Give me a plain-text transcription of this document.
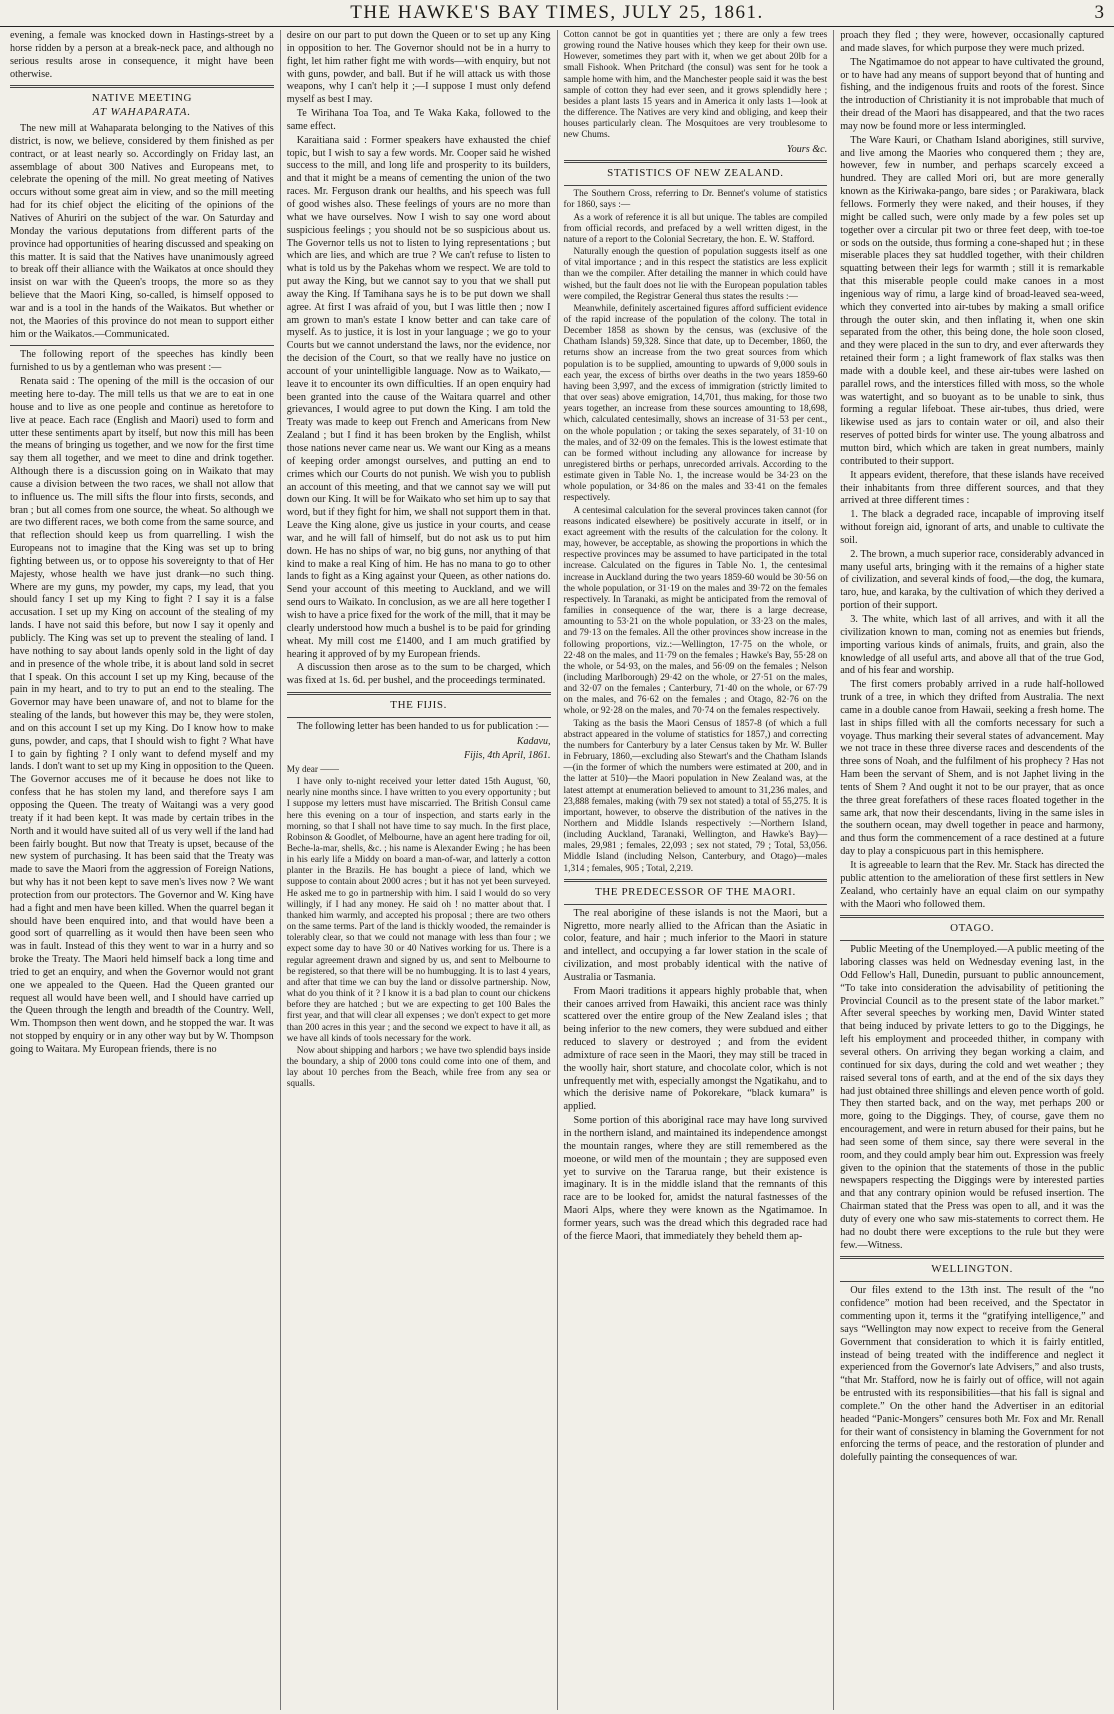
THE HAWKE'S BAY TIMES, JULY 25, 1861.	3

evening, a female was knocked down in Hastings-street by a horse ridden by a person at a break-neck pace, and although no serious results arose in consequence, it might have been otherwise.

NATIVE MEETING
AT WAHAPARATA.

The new mill at Wahaparata belonging to the Natives of this district, is now, we believe, considered by them finished as per contract, or at least nearly so. Accordingly on Friday last, an assemblage of about 300 Natives and Europeans met, to celebrate the opening of the mill. No great meeting of Natives occurs without some great aim in view, and so the mill meeting had for its chief object the eliciting of the opinions of the Natives of Ahuriri on the subject of the war. On Saturday and Monday the various deputations from different parts of the province had opportunities of hearing discussed and speaking on this matter. It is said that the Natives have unanimously agreed to break off their alliance with the Waikatos at once should they insist on war with the Queen's troops, the more so as they believe that the Maori King, so-called, is himself opposed to war and is a tool in the hands of the Waikatos. But whether or not, the Maories of this province do not mean to support either him or the Waikatos.—Communicated.

The following report of the speeches has kindly been furnished to us by a gentleman who was present :—

Renata said : The opening of the mill is the occasion of our meeting here to-day. The mill tells us that we are to eat in one house and to live as one people and continue as heretofore to live at peace. Each race (English and Maori) used to form and utter these sentiments apart by itself, but now this mill has been the means of bringing us together, and we now for the first time say them all together, and we meet to dine and drink together. Although there is a discussion going on in Waikato that may cause a division between the two races, we shall not allow that to influence us. The mill sifts the flour into firsts, seconds, and bran ; but all comes from one source, the wheat. So although we are two different races, we both come from the same source, and that reflection should keep us from quarrelling. I wish the Europeans not to imagine that the King was set up to bring fighting between us, or to oppose his sovereignty to that of Her Majesty, whose health we have just drank—no such thing. Where are my guns, my powder, my caps, my lead, that you should fancy I set up my King to fight ? I say it is a false accusation. I set up my King on account of the stealing of my lands. I have not said this before, but now I say it openly and publicly. The King was set up to prevent the stealing of land. I have nothing to say about lands openly sold in the light of day and in presence of the whole tribe, it is about land sold in secret that I speak. On this account I set up my King, because of the pain in my heart, and to try to put an end to the stealing. The Governor may have been unaware of, and not to blame for the stealing of the lands, but however this may be, they were stolen, and on this account I set up my King. Do I know how to make guns, powder, and caps, that I should wish to fight ? What have I to gain by fighting ? I only want to defend myself and my lands. I don't want to set up my King in opposition to the Queen. The Governor accuses me of it because he does not like to confess that he has stolen my land, and therefore says I am opposing the Queen. The treaty of Waitangi was a very good treaty if it had been kept. It was made by certain tribes in the North and it would have suited all of us very well if the land had been fairly bought. But now that Treaty is upset, because of the new system of purchasing. It has been said that the Treaty was made to save the Maori from the aggression of Foreign Nations, but why has it not been kept to save men's lives now ? We want protection from our protectors. The Governor and W. King have had a fight and men have been killed. When the quarrel began it should have been enquired into, and that would have been a good sort of quarrelling as it would then have been seen who was in fault. Instead of this they went to war in a hurry and so broke the Treaty. The Maori held himself back a long time and tried to get an enquiry, and when the Governor would not grant one we appealed to the Queen. Had the Queen granted our request all would have been well, and I should have carried up the Queen through the length and breadth of the Country. Well, Wm. Thompson then went down, and he stopped the war. It was not stopped by enquiry or in any other way but by W. Thompson going to Waitara. My European friends, there is no

desire on our part to put down the Queen or to set up any King in opposition to her. The Governor should not be in a hurry to fight, let him rather fight me with words—with enquiry, but not with guns, powder, and ball. But if he will attack us with those weapons, why I can't help it ;—I suppose I must only defend myself as best I may.

Te Wirihana Toa Toa, and Te Waka Kaka, followed to the same effect.

Karaitiana said : Former speakers have exhausted the chief topic, but I wish to say a few words. Mr. Cooper said he wished success to the mill, and long life and prosperity to its builders, and that it might be a means of cementing the union of the two races. Mr. Ferguson drank our healths, and his speech was full of good wishes also. These feelings of yours are no more than what we have ourselves. Now I wish to say one word about suspicious feelings ; you should not be so suspicious about us. The Governor tells us not to listen to lying representations ; but which are lies, and which are true ? We can't refuse to listen to what is told us by the Pakehas whom we respect. We are told to put away the King, but we cannot say to you that we shall put away the King. If Tamihana says he is to be put down we shall agree. At first I was afraid of you, but I was little then ; now I am grown to man's estate I know better and can take care of myself. As to justice, it is lost in your language ; we go to your Courts but we cannot understand the laws, nor the evidence, nor the decision of the Court, so that we really have no justice on account of your unintelligible language. Now as to Waikato,—leave it to encounter its own difficulties. If an open enquiry had been granted into the cause of the Waitara quarrel and other grievances, I would agree to put down the King. I am told the Treaty was made to keep out French and Americans from New Zealand ; but I find it has been broken by the English, whilst those nations never came near us. We want our King as a means of keeping order amongst ourselves, and putting an end to crimes which our Courts do not punish. We wish you to publish an account of this meeting, and that we cannot say we will put down our King. It will be for Waikato who set him up to say that word, but if they fight for him, we shall not support them in that. Leave the King alone, give us justice in your courts, and cease war, and he will fall of himself, but do not ask us to put him down. He has no ships of war, no big guns, nor anything of that kind to make a real King of him. He has no mana to go to other lands to fight as a King against your Queen, as other nations do. Send your account of this meeting to Auckland, and we will send ours to Waikato. In conclusion, as we are all here together I wish to have a price fixed for the work of the mill, that it may be clearly understood how much a bushel is to be paid for grinding wheat. My mill cost me £1400, and I am much gratified by hearing it approved of by my European friends.

A discussion then arose as to the sum to be charged, which was fixed at 1s. 6d. per bushel, and the proceedings terminated.

THE FIJIS.

The following letter has been handed to us for publication :—

Kadavu,
Fijis, 4th April, 1861.

My dear ——

I have only to-night received your letter dated 15th August, '60, nearly nine months since. I have written to you every opportunity ; but I suppose my letters must have miscarried. The British Consul came here this evening on a tour of inspection, and starts early in the morning, so that I shall not have time to say much. In the first place, Robinson & Goodlet, of Melbourne, have an agent here trading for oil, Beche-la-mar, shells, &c. ; his name is Alexander Ewing ; he has been in his early life a Middy on board a man-of-war, and latterly a cotton planter in the Brazils. He has bought a piece of land, which we suppose to contain about 2000 acres ; but it has not yet been surveyed. He asked me to go in partnership with him. I said I would do so very willingly, if I had any money. He said oh ! no matter about that. I thanked him warmly, and accepted his proposal ; there are two others on the same terms. Part of the land is thickly wooded, the remainder is tolerably clear, so that we could not manage with less than four ; we expect some day to have 30 or 40 Natives working for us. There is a regular agreement drawn and signed by us, and sent to Melbourne to be registered, so that there will be no humbugging. It is to last 4 years, and after that time we can buy the land or dissolve partnership. Now, what do you think of it ? I know it is a bad plan to count our chickens before they are hatched ; but we are expecting to get 100 Bales the first year, and that will clear all expenses ; we don't expect to get more than 200 acres in this year ; and the second we expect to have it all, as we have all kinds of tools necessary for the work.

Now about shipping and harbors ; we have two splendid bays inside the boundary, a ship of 2000 tons could come into one of them, and lay about 10 perches from the Beach, while free from any sea or squalls.

Cotton cannot be got in quantities yet ; there are only a few trees growing round the Native houses which they keep for their own use. However, sometimes they part with it, when we get about 20lb for a small Fishook. When Pritchard (the consul) was sent for he took a sample home with him, and the Manchester people said it was the best sample of cotton they had ever seen, and it grows splendidly here ; besides a plant lasts 15 years and in America it only lasts 1—look at the difference. The Natives are very kind and obliging, and keep their houses particularly clean. The Mosquitoes are very troublesome to new Chums.

Yours &c.
STATISTICS OF NEW ZEALAND.

The Southern Cross, referring to Dr. Bennet's volume of statistics for 1860, says :—

As a work of reference it is all but unique. The tables are compiled from official records, and prefaced by a well written digest, in the nature of a report to the Colonial Secretary, the hon. E. W. Stafford.

Naturally enough the question of population suggests itself as one of vital importance ; and in this respect the statistics are less explicit than we the compiler. After detailing the manner in which could have wished, but the fault does not lie with the European population tables were compiled, the Registrar General thus states the results :—

Meanwhile, definitely ascertained figures afford sufficient evidence of the rapid increase of the population of the colony. The total in December 1858 as shown by the census, was (exclusive of the Chatham Islands) 59,328. Since that date, up to December, 1860, the returns show an increase from the two great sources from which population is to be supplied, amounting to upwards of 9,000 souls in each year, the excess of births over deaths in the two years 1859-60 having been 3,997, and the excess of immigration (strictly limited to that over seas) above emigration, 14,701, thus making, for those two years together, an increase from these sources amounting to 18,698, which, calculated centesimally, shows an increase of 31·53 per cent., on the whole population ; or taking the sexes separately, of 31·10 on the males, and of 32·09 on the females. This is the lowest estimate that can be formed without including any allowance for increase by unregistered births or perhaps, unrecorded arrivals. According to the estimate given in Table No. 1, the increase would be 34·23 on the whole population, or 34·86 on the males and 33·41 on the females respectively.

A centesimal calculation for the several provinces taken cannot (for reasons indicated elsewhere) be positively accurate in itself, or in exact agreement with the results of the calculation for the colony. It may, however, be acceptable, as showing the proportions in which the respective provinces may be assumed to have participated in the total increase. Calculated on the figures in Table No. 1, the centesimal increase in Auckland during the two years 1859-60 would be 30·56 on the whole population, or 31·19 on the males and 39·72 on the females respectively. In Taranaki, as might be anticipated from the removal of families in consequence of the war, there is a large decrease, amounting to 53·21 on the whole population, or 33·23 on the males, and 79·13 on the females. All the other provinces show increase in the following proportions, viz.:—Wellington, 17·75 on the whole, or 22·48 on the males, and 11·79 on the females ; Hawke's Bay, 55·28 on the whole, or 54·93, on the males, and 56·09 on the females ; Nelson (including Marlborough) 29·42 on the whole, or 27·51 on the males, and 32·07 on the females ; Canterbury, 71·40 on the whole, or 67·79 on the males, and 76·62 on the females ; and Otago, 82·76 on the whole, or 92·28 on the males, and 70·74 on the females respectively.

Taking as the basis the Maori Census of 1857-8 (of which a full abstract appeared in the volume of statistics for 1857,) and correcting the numbers for Canterbury by a later Census taken by Mr. W. Buller in February, 1860,—excluding also Stewart's and the Chatham Islands—(in the former of which the numbers were estimated at 200, and in the latter at 510)—the Maori population in New Zealand was, at the latest attempt at enumeration believed to amount to 31,236 males, and 23,888 females, making (with 79 sex not stated) a total of 55,275. It is important, however, to observe the distribution of the natives in the Northern and Middle Islands respectively :—Northern Island, (including Auckland, Taranaki, Wellington, and Hawke's Bay)—males, 29,981 ; females, 22,093 ; sex not stated, 79 ; Total, 53,056. Middle Island (including Nelson, Canterbury, and Otago)—males 1,314 ; females, 905 ; Total, 2,219.

THE PREDECESSOR OF THE MAORI.

The real aborigine of these islands is not the Maori, but a Nigretto, more nearly allied to the African than the Asiatic in color, feature, and hair ; much inferior to the Maori in stature and intellect, and occupying a far lower station in the scale of civilization, and most probably identical with the native of Australia or Tasmania.

From Maori traditions it appears highly probable that, when their canoes arrived from Hawaiki, this ancient race was thinly scattered over the entire group of the New Zealand isles ; that being inferior to the new comers, they were subdued and either reduced to slavery or destroyed ; and from the evident admixture of race seen in the Maori, they may still be traced in the woolly hair, short stature, and chocolate color, which is not unfrequently met with, especially amongst the Ngatikahu, and to which the derisive name of Pokorekare, “black kumara” is applied.

Some portion of this aboriginal race may have long survived in the northern island, and maintained its independence amongst the mountain ranges, where they are still remembered as the moeone, or wild men of the mountain ; they are supposed even yet to survive on the Tararua range, but their existence is imaginary. It is in the middle island that the remnants of this race are to be looked for, amidst the natural fastnesses of the Maori Alps, where they were known as the Ngatimamoe. In former years, such was the dread which this degraded race had of the fierce Maori, that immediately they beheld them ap-

proach they fled ; they were, however, occasionally captured and made slaves, for which purpose they were much prized.

The Ngatimamoe do not appear to have cultivated the ground, or to have had any means of support beyond that of hunting and fishing, and the indigenous fruits and roots of the forest. Since the introduction of Christianity it is not improbable that much of their dread of the Maori has disappeared, and that the two races may now be found more or less intermingled.

The Ware Kauri, or Chatham Island aborigines, still survive, and live among the Maories who conquered them ; they are, however, few in number, and perhaps scarcely exceed a hundred. They are called Mori ori, but are more generally known as the Kiriwaka-pango, bare sides ; or Parakiwara, black fellows. Formerly they were naked, and their houses, if they might be called such, were only made by a few poles set up together over a circular pit two or three feet deep, with toe-toe or sods on the outside, thus forming a cone-shaped hut ; in these miserable places they sat huddled together, with their children squatting between their legs for warmth ; still it is remarkable that this miserable people could make canoes in a most ingenious way of rimu, a large kind of broad-leaved sea-weed, which they converted into air-tubes by making a small orifice through the outer skin, and then inflating it, when one skin separated from the other, this being done, the hole soon closed, and they were placed in the sun to dry, and ever afterwards they retained their form ; a light framework of flax stalks was then made with a double keel, and these air-tubes were lashed on parallel rows, and the interstices filled with moss, so the whole was watertight, and so buoyant as to be unable to sink, thus forming a regular lifeboat. These air-tubes, thus dried, were likewise used as jars to contain water or oil, and also their reserves of potted birds for winter use. The young albatross and mutton bird, which which are taken in great numbers, mainly contributed to their support.

It appears evident, therefore, that these islands have received their inhabitants from three different sources, and that they arrived at three different times :

1. The black a degraded race, incapable of improving itself without foreign aid, ignorant of arts, and unable to cultivate the soil.

2. The brown, a much superior race, considerably advanced in many useful arts, bringing with it the remains of a higher state of civilization, and several kinds of food,—the dog, the kumara, taro, hue, and karaka, by the cultivation of which they derived a portion of their support.

3. The white, which last of all arrives, and with it all the civilization known to man, coming not as enemies but friends, importing various kinds of animals, fruits, and grain, also the knowledge of all useful arts, and above all that of the true God, and of his fear and worship.

The first comers probably arrived in a rude half-hollowed trunk of a tree, in which they drifted from Australia. The next came in a double canoe from Hawaii, seeking a fresh home. The last in ships filled with all the comforts necessary for such a voyage. Thus marking their several states of advancement. May we not trace in these three diverse races and descendents of the three sons of Noah, and the fulfilment of his prophecy ? Has not Ham been the servant of Shem, and is not Japhet living in the tents of Shem ? And ought it not to be our prayer, that as once the three great forefathers of these races floated together in the same ark, that now their descendants, living in the same isles in the southern ocean, may dwell together in peace and harmony, and thus form the commencement of a race destined at a future day to play a conspicuous part in this hemisphere.

It is agreeable to learn that the Rev. Mr. Stack has directed the public attention to the amelioration of these first settlers in New Zealand, who certainly have an equal claim on our sympathy with the Maori who followed them.

OTAGO.

Public Meeting of the Unemployed.—A public meeting of the laboring classes was held on Wednesday evening last, in the Odd Fellow's Hall, Dunedin, pursuant to public announcement, “To take into consideration the advisability of petitioning the Provincial Council as to the present state of the labor market.” After several speeches by working men, David Winter stated that being induced by private letters to go to the Diggings, he left his employment and proceeded thither, in company with several others. On arriving they began working a claim, and continued for six days, during the cold and wet weather ; they raised several tons of earth, and at the end of the six days they had just obtained three shillings and eleven pence worth of gold. They then started back, and on the way, met perhaps 200 or more, going to the Diggings. They, of course, gave them no encouragement, and were in return abused for their pains, but he had seen some of them since, say there were several in the room, and they could amply bear him out. Expression was freely given to the opinion that the statements of those in the public newspapers respecting the Diggings were by interested parties and that any contrary opinion would be refused insertion. The Chairman stated that the Press was open to all, and it was the duty of every one who saw mis-statements to correct them. He had no doubt there were exceptions to the rule but they were few.—Witness.

WELLINGTON.

Our files extend to the 13th inst. The result of the “no confidence” motion had been received, and the Spectator in commenting upon it, terms it the “gratifying intelligence,” and says “Wellington may now expect to receive from the General Government that consideration to which it is fairly entitled, instead of being treated with the indifference and neglect it experienced from the Governor's late Advisers,” and also trusts, “that Mr. Stafford, now he is fairly out of office, will not again be entrusted with its responsibilities—that his fall is signal and complete.” On the other hand the Advertiser in an editorial headed “Panic-Mongers” censures both Mr. Fox and Mr. Renall for their want of consistency in blaming the Government for not enforcing the terms of peace, and the restoration of plunder and dolefully painting the consequences of war.
